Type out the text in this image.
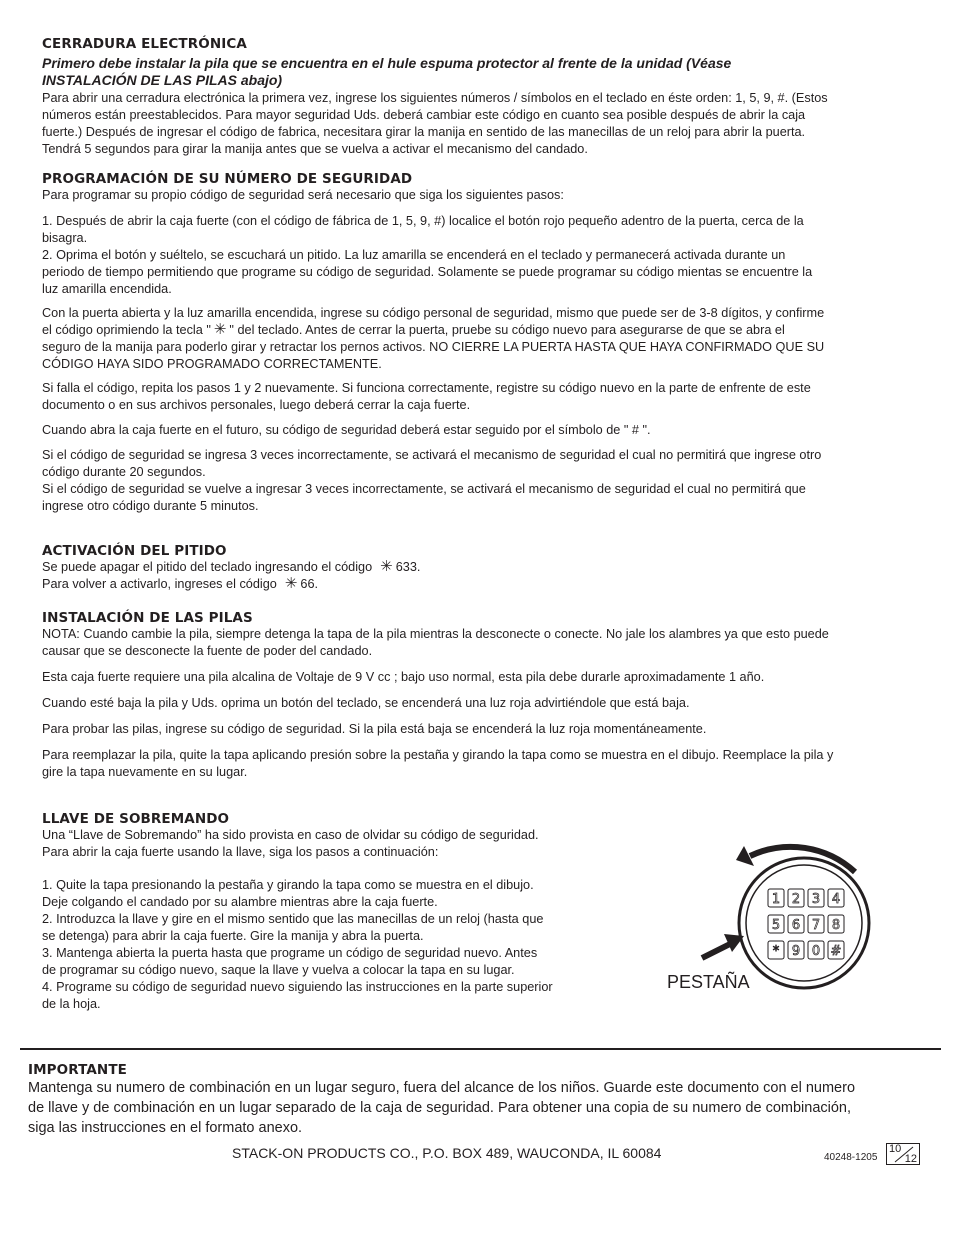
CERRADURA ELECTRÓNICA

Primero debe instalar la pila que se encuentra en el hule espuma protector al frente de la unidad (Véase

INSTALACIÓN DE LAS PILAS abajo)

Para abrir una cerradura electrónica la primera vez, ingrese los siguientes números / símbolos en el teclado en éste orden: 1, 5, 9, #. (Estos

números están preestablecidos. Para mayor seguridad Uds. deberá cambiar este código en cuanto sea posible después de abrir la caja

fuerte.) Después de ingresar el código de fabrica, necesitara girar la manija en sentido de las manecillas de un reloj para abrir la puerta.

Tendrá 5 segundos para girar la manija antes que se vuelva a activar el mecanismo del candado.

PROGRAMACIÓN DE SU NÚMERO DE SEGURIDAD

Para programar su propio código de seguridad será necesario que siga los siguientes pasos:

1. Después de abrir la caja fuerte (con el código de fábrica de 1, 5, 9, #) localice el botón rojo pequeño adentro de la puerta, cerca de la

bisagra.

2. Oprima el botón y suéltelo, se escuchará un pitido. La luz amarilla se encenderá en el teclado y permanecerá activada durante un

periodo de tiempo permitiendo que programe su código de seguridad. Solamente se puede programar su código mientas se encuentre la

luz amarilla encendida.

Con la puerta abierta y la luz amarilla encendida, ingrese su código personal de seguridad, mismo que puede ser de 3-8 dígitos, y confirme

el código oprimiendo la tecla " ✳ " del teclado. Antes de cerrar la puerta, pruebe su código nuevo para asegurarse de que se abra el

seguro de la manija para poderlo girar y retractar los pernos activos. NO CIERRE LA PUERTA HASTA QUE HAYA CONFIRMADO QUE SU

CÓDIGO HAYA SIDO PROGRAMADO CORRECTAMENTE.

Si falla el código, repita los pasos 1 y 2 nuevamente. Si funciona correctamente, registre su código nuevo en la parte de enfrente de este

documento o en sus archivos personales, luego deberá cerrar la caja fuerte.

Cuando abra la caja fuerte en el futuro, su código de seguridad deberá estar seguido por el símbolo de " # ".

Si el código de seguridad se ingresa 3 veces incorrectamente, se activará el mecanismo de seguridad el cual no permitirá que ingrese otro

código durante 20 segundos.

Si el código de seguridad se vuelve a ingresar 3 veces incorrectamente, se activará el mecanismo de seguridad el cual no permitirá que

ingrese otro código durante 5 minutos.

ACTIVACIÓN DEL PITIDO

Se puede apagar el pitido del teclado ingresando el código ✳ 633.

Para volver a activarlo, ingreses el código ✳ 66.

INSTALACIÓN DE LAS PILAS

NOTA: Cuando cambie la pila, siempre detenga la tapa de la pila mientras la desconecte o conecte. No jale los alambres ya que esto puede

causar que se desconecte la fuente de poder del candado.

Esta caja fuerte requiere una pila alcalina de Voltaje de 9 V cc ; bajo uso normal, esta pila debe durarle aproximadamente 1 año.

Cuando esté baja la pila y Uds. oprima un botón del teclado, se encenderá una luz roja advirtiéndole que está baja.

Para probar las pilas, ingrese su código de seguridad. Si la pila está baja se encenderá la luz roja momentáneamente.

Para reemplazar la pila, quite la tapa aplicando presión sobre la pestaña y girando la tapa como se muestra en el dibujo. Reemplace la pila y

gire la tapa nuevamente en su lugar.

LLAVE DE SOBREMANDO

Una “Llave de Sobremando” ha sido provista en caso de olvidar su código de seguridad.

Para abrir la caja fuerte usando la llave, siga los pasos a continuación:

1. Quite la tapa presionando la pestaña y girando la tapa como se muestra en el dibujo.

Deje colgando el candado por su alambre mientras abre la caja fuerte.

2. Introduzca la llave y gire en el mismo sentido que las manecillas de un reloj (hasta que

se detenga) para abrir la caja fuerte. Gire la manija y abra la puerta.

3. Mantenga abierta la puerta hasta que programe un código de seguridad nuevo. Antes

de programar su código nuevo, saque la llave y vuelva a colocar la tapa en su lugar.

4. Programe su código de seguridad nuevo siguiendo las instrucciones en la parte superior

de la hoja.

1 2 3 4
5 6 7 8
* 9 0 #
PESTAÑA

IMPORTANTE

Mantenga su numero de combinación en un lugar seguro, fuera del alcance de los niños. Guarde este documento con el numero

de llave y de combinación en un lugar separado de la caja de seguridad. Para obtener una copia de su numero de combinación,

siga las instrucciones en el formato anexo.

STACK-ON PRODUCTS CO., P.O. BOX 489, WAUCONDA, IL 60084	40248-1205
10
12
